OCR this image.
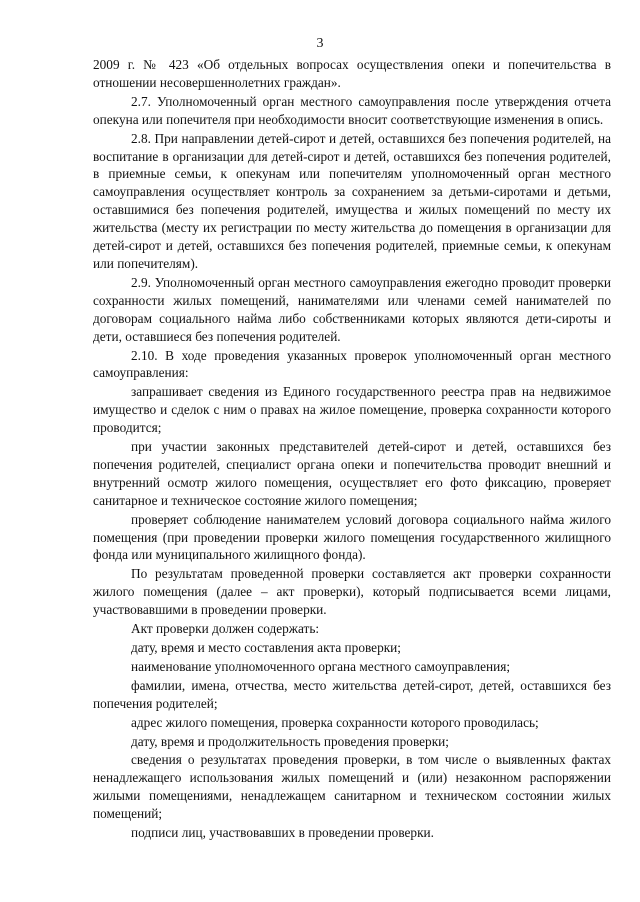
3

2009 г. № 423 «Об отдельных вопросах осуществления опеки и попечительства в отношении несовершеннолетних граждан».

2.7. Уполномоченный орган местного самоуправления после утверждения отчета опекуна или попечителя при необходимости вносит соответствующие изменения в опись.

2.8. При направлении детей-сирот и детей, оставшихся без попечения родителей, на воспитание в организации для детей-сирот и детей, оставшихся без попечения родителей, в приемные семьи, к опекунам или попечителям уполномоченный орган местного самоуправления осуществляет контроль за сохранением за детьми-сиротами и детьми, оставшимися без попечения родителей, имущества и жилых помещений по месту их жительства (месту их регистрации по месту жительства до помещения в организации для детей-сирот и детей, оставшихся без попечения родителей, приемные семьи, к опекунам или попечителям).

2.9. Уполномоченный орган местного самоуправления ежегодно проводит проверки сохранности жилых помещений, нанимателями или членами семей нанимателей по договорам социального найма либо собственниками которых являются дети-сироты и дети, оставшиеся без попечения родителей.

2.10. В ходе проведения указанных проверок уполномоченный орган местного самоуправления:

запрашивает сведения из Единого государственного реестра прав на недвижимое имущество и сделок с ним о правах на жилое помещение, проверка сохранности которого проводится;

при участии законных представителей детей-сирот и детей, оставшихся без попечения родителей, специалист органа опеки и попечительства проводит внешний и внутренний осмотр жилого помещения, осуществляет его фото фиксацию, проверяет санитарное и техническое состояние жилого помещения;

проверяет соблюдение нанимателем условий договора социального найма жилого помещения (при проведении проверки жилого помещения государственного жилищного фонда или муниципального жилищного фонда).

По результатам проведенной проверки составляется акт проверки сохранности жилого помещения (далее – акт проверки), который подписывается всеми лицами, участвовавшими в проведении проверки.

Акт проверки должен содержать:

дату, время и место составления акта проверки;

наименование уполномоченного органа местного самоуправления;

фамилии, имена, отчества, место жительства детей-сирот, детей, оставшихся без попечения родителей;

адрес жилого помещения, проверка сохранности которого проводилась;

дату, время и продолжительность проведения проверки;

сведения о результатах проведения проверки, в том числе о выявленных фактах ненадлежащего использования жилых помещений и (или) незаконном распоряжении жилыми помещениями, ненадлежащем санитарном и техническом состоянии жилых помещений;

подписи лиц, участвовавших в проведении проверки.
